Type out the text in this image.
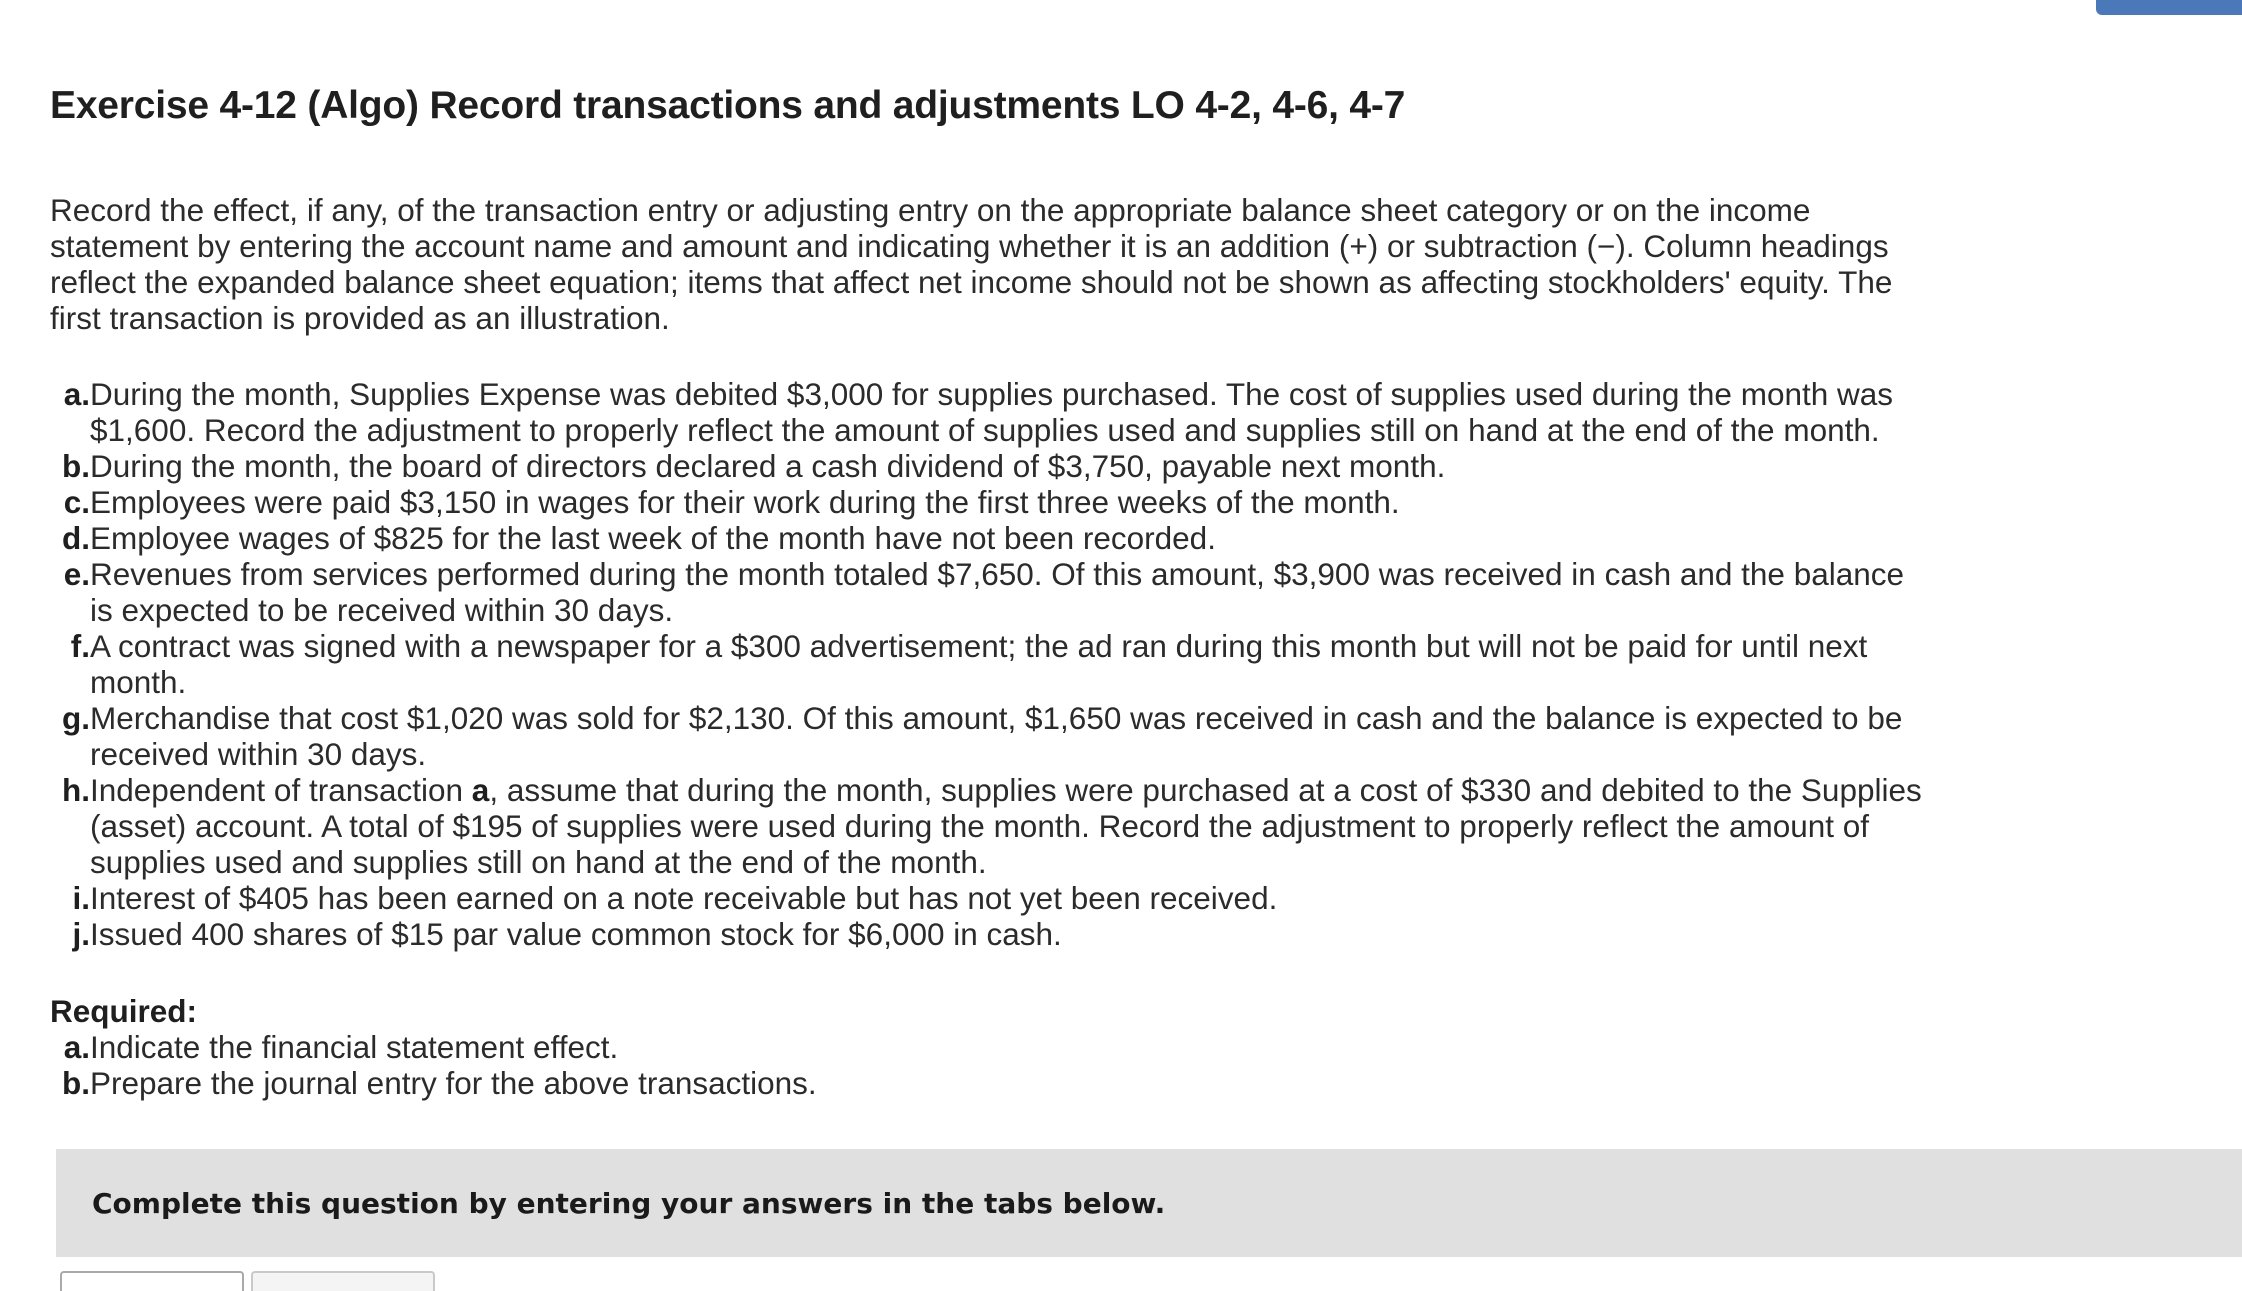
Exercise 4-12 (Algo) Record transactions and adjustments LO 4-2, 4-6, 4-7

Record the effect, if any, of the transaction entry or adjusting entry on the appropriate balance sheet category or on the income statement by entering the account name and amount and indicating whether it is an addition (+) or subtraction (−). Column headings reflect the expanded balance sheet equation; items that affect net income should not be shown as affecting stockholders' equity. The first transaction is provided as an illustration.

a. During the month, Supplies Expense was debited $3,000 for supplies purchased. The cost of supplies used during the month was $1,600. Record the adjustment to properly reflect the amount of supplies used and supplies still on hand at the end of the month.
b. During the month, the board of directors declared a cash dividend of $3,750, payable next month.
c. Employees were paid $3,150 in wages for their work during the first three weeks of the month.
d. Employee wages of $825 for the last week of the month have not been recorded.
e. Revenues from services performed during the month totaled $7,650. Of this amount, $3,900 was received in cash and the balance is expected to be received within 30 days.
f. A contract was signed with a newspaper for a $300 advertisement; the ad ran during this month but will not be paid for until next month.
g. Merchandise that cost $1,020 was sold for $2,130. Of this amount, $1,650 was received in cash and the balance is expected to be received within 30 days.
h. Independent of transaction a, assume that during the month, supplies were purchased at a cost of $330 and debited to the Supplies (asset) account. A total of $195 of supplies were used during the month. Record the adjustment to properly reflect the amount of supplies used and supplies still on hand at the end of the month.
i. Interest of $405 has been earned on a note receivable but has not yet been received.
j. Issued 400 shares of $15 par value common stock for $6,000 in cash.
Required:
a. Indicate the financial statement effect.
b. Prepare the journal entry for the above transactions.
Complete this question by entering your answers in the tabs below.
